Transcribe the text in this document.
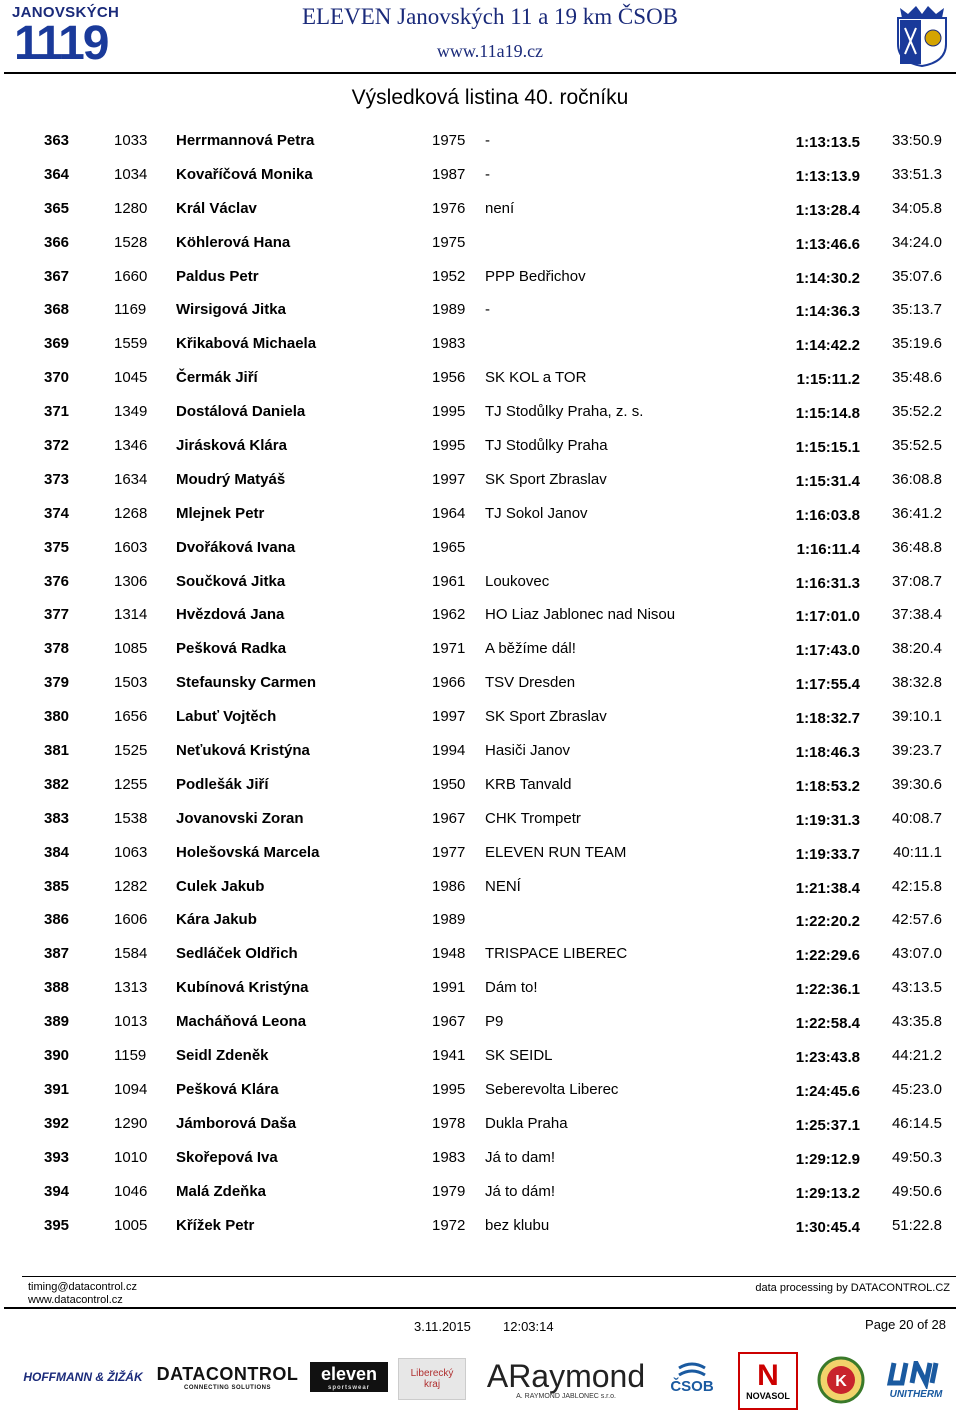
JANOVSKÝCH
1119
ELEVEN Janovských 11 a 19 km ČSOB
www.11a19.cz
Výsledková listina 40. ročníku
363	1033 Herrmannová Petra	1975 -	1:13:13.5 33:50.9
364	1034 Kovaříčová Monika	1987 -	1:13:13.9 33:51.3
365	1280 Král Václav	1976 není	1:13:28.4 34:05.8
366	1528 Köhlerová Hana	1975	1:13:46.6 34:24.0
367	1660 Paldus Petr	1952 PPP Bedřichov	1:14:30.2 35:07.6
368	1169 Wirsigová Jitka	1989 -	1:14:36.3 35:13.7
369	1559 Křikabová Michaela	1983	1:14:42.2 35:19.6
370	1045 Čermák Jiří	1956 SK KOL a TOR	1:15:11.2 35:48.6
371	1349 Dostálová Daniela	1995 TJ Stodůlky Praha, z. s.	1:15:14.8 35:52.2
372	1346 Jirásková Klára	1995 TJ Stodůlky Praha	1:15:15.1 35:52.5
373	1634 Moudrý Matyáš	1997 SK Sport Zbraslav	1:15:31.4 36:08.8
374	1268 Mlejnek Petr	1964 TJ Sokol Janov	1:16:03.8 36:41.2
375	1603 Dvořáková Ivana	1965	1:16:11.4 36:48.8
376	1306 Součková Jitka	1961 Loukovec	1:16:31.3 37:08.7
377	1314 Hvězdová Jana	1962 HO Liaz Jablonec nad Nisou	1:17:01.0 37:38.4
378	1085 Pešková Radka	1971 A běžíme dál!	1:17:43.0 38:20.4
379	1503 Stefaunsky Carmen	1966 TSV Dresden	1:17:55.4 38:32.8
380	1656 Labuť Vojtěch	1997 SK Sport Zbraslav	1:18:32.7 39:10.1
381	1525 Neťuková Kristýna	1994 Hasiči Janov	1:18:46.3 39:23.7
382	1255 Podlešák Jiří	1950 KRB Tanvald	1:18:53.2 39:30.6
383	1538 Jovanovski Zoran	1967 CHK Trompetr	1:19:31.3 40:08.7
384	1063 Holešovská Marcela	1977 ELEVEN RUN TEAM	1:19:33.7 40:11.1
385	1282 Culek Jakub	1986 NENÍ	1:21:38.4 42:15.8
386	1606 Kára Jakub	1989	1:22:20.2 42:57.6
387	1584 Sedláček Oldřich	1948 TRISPACE LIBEREC	1:22:29.6 43:07.0
388	1313 Kubínová Kristýna	1991 Dám to!	1:22:36.1 43:13.5
389	1013 Macháňová Leona	1967 P9	1:22:58.4 43:35.8
390	1159 Seidl Zdeněk	1941 SK SEIDL	1:23:43.8 44:21.2
391	1094 Pešková Klára	1995 Seberevolta Liberec	1:24:45.6 45:23.0
392	1290 Jámborová Daša	1978 Dukla Praha	1:25:37.1 46:14.5
393	1010 Skořepová Iva	1983 Já to dam!	1:29:12.9 49:50.3
394	1046 Malá Zdeňka	1979 Já to dám!	1:29:13.2 49:50.6
395	1005 Křížek Petr	1972 bez klubu	1:30:45.4 51:22.8
timing@datacontrol.cz
www.datacontrol.cz
data processing by DATACONTROL.CZ
3.11.2015 12:03:14	Page 20 of 28
HOFFMANN & ŽIŽÁK DATACONTROL
CONNECTING SOLUTIONS
eleven
sportswear
Liberecký
kraj ARaymond
A. RAYMOND JABLONEC s.r.o.
ČSOB N
NOVASOL
K
UNITHERM
